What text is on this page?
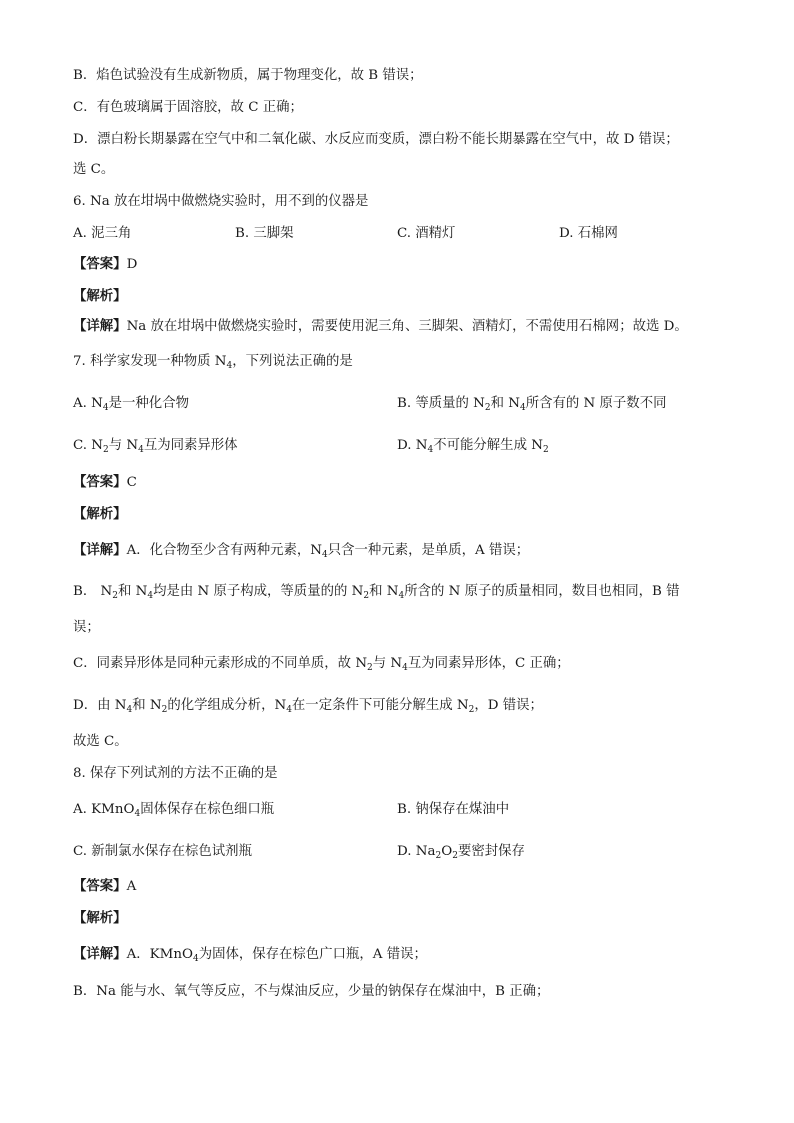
B．焰色试验没有生成新物质，属于物理变化，故 B 错误；
C．有色玻璃属于固溶胶，故 C 正确；
D．漂白粉长期暴露在空气中和二氧化碳、水反应而变质，漂白粉不能长期暴露在空气中，故 D 错误；
选 C。
6. Na 放在坩埚中做燃烧实验时，用不到的仪器是
A. 泥三角	B. 三脚架	C. 酒精灯	D. 石棉网
【答案】D
【解析】
【详解】Na 放在坩埚中做燃烧实验时，需要使用泥三角、三脚架、酒精灯，不需使用石棉网；故选 D。
7. 科学家发现一种物质 $N_4$，下列说法正确的是
A. $N_4$是一种化合物	B. 等质量的 $N_2$和 $N_4$所含有的 N 原子数不同
C. $N_2$与 $N_4$互为同素异形体	D. $N_4$不可能分解生成 $N_2$
【答案】C
【解析】
【详解】A．化合物至少含有两种元素，$N_4$只含一种元素，是单质，A 错误；
B． $N_2$和 $N_4$均是由 N 原子构成，等质量的的 $N_2$和 $N_4$所含的 N 原子的质量相同，数目也相同，B 错
误；
C．同素异形体是同种元素形成的不同单质，故 $N_2$与 $N_4$互为同素异形体，C 正确；
D．由 $N_4$和 $N_2$的化学组成分析，$N_4$在一定条件下可能分解生成 $N_2$，D 错误；
故选 C。
8. 保存下列试剂的方法不正确的是
A. KMnO$_4$固体保存在棕色细口瓶	B. 钠保存在煤油中
C. 新制氯水保存在棕色试剂瓶	D. $Na_2O_2$要密封保存
【答案】A
【解析】
【详解】A．KMnO$_4$为固体，保存在棕色广口瓶，A 错误；
B．Na 能与水、氧气等反应，不与煤油反应，少量的钠保存在煤油中，B 正确；
